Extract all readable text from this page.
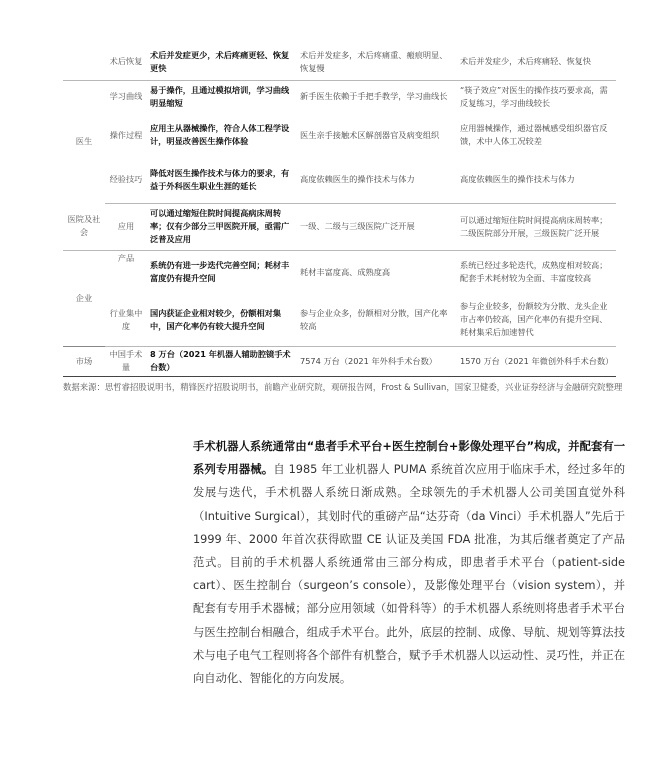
	术后恢复	术后并发症更少，术后疼痛更轻、恢复更快	术后并发症多，术后疼痛重、瘢痕明显、恢复慢	术后并发症少，术后疼痛轻、恢复快
医生	学习曲线	易于操作，且通过模拟培训，学习曲线明显缩短	新手医生依赖于手把手教学，学习曲线长	“筷子效应”对医生的操作技巧要求高，需反复练习，学习曲线较长
	操作过程	应用主从器械操作，符合人体工程学设计，明显改善医生操作体验	医生亲手接触术区解剖器官及病变组织	应用器械操作，通过器械感受组织器官反馈，术中人体工况较差
	经验技巧	降低对医生操作技术与体力的要求，有益于外科医生职业生涯的延长	高度依赖医生的操作技术与体力	高度依赖医生的操作技术与体力
医院及社会	应用	可以通过缩短住院时间提高病床周转率；仅有少部分三甲医院开展，亟需广泛普及应用	一级、二级与三级医院广泛开展	可以通过缩短住院时间提高病床周转率；二级医院部分开展，三级医院广泛开展
企业	产品	系统仍有进一步迭代完善空间；耗材丰富度仍有提升空间	耗材丰富度高、成熟度高	系统已经过多轮迭代，成熟度相对较高；配套手术耗材较为全面、丰富度较高
	行业集中度	国内获证企业相对较少，份额相对集中，国产化率仍有较大提升空间	参与企业众多，份额相对分散，国产化率较高	参与企业较多，份额较为分散、龙头企业市占率仍较高，国产化率仍有提升空间、耗材集采后加速替代
市场	中国手术量	8 万台（2021 年机器人辅助腔镜手术台数）	7574 万台（2021 年外科手术台数）	1570 万台（2021 年微创外科手术台数）
数据来源：思哲睿招股说明书，精锋医疗招股说明书，前瞻产业研究院，观研报告网，Frost & Sullivan，国家卫健委，兴业证券经济与金融研究院整理

手术机器人系统通常由“患者手术平台+医生控制台+影像处理平台”构成，并配套有一系列专用器械。自 1985 年工业机器人 PUMA 系统首次应用于临床手术，经过多年的发展与迭代，手术机器人系统日渐成熟。全球领先的手术机器人公司美国直觉外科（Intuitive Surgical），其划时代的重磅产品“达芬奇（da Vinci）手术机器人”先后于 1999 年、2000 年首次获得欧盟 CE 认证及美国 FDA 批准，为其后继者奠定了产品范式。目前的手术机器人系统通常由三部分构成，即患者手术平台（patient-side cart）、医生控制台（surgeon’s console），及影像处理平台（vision system），并配套有专用手术器械；部分应用领域（如骨科等）的手术机器人系统则将患者手术平台与医生控制台相融合，组成手术平台。此外，底层的控制、成像、导航、规划等算法技术与电子电气工程则将各个部件有机整合，赋予手术机器人以运动性、灵巧性，并正在向自动化、智能化的方向发展。
